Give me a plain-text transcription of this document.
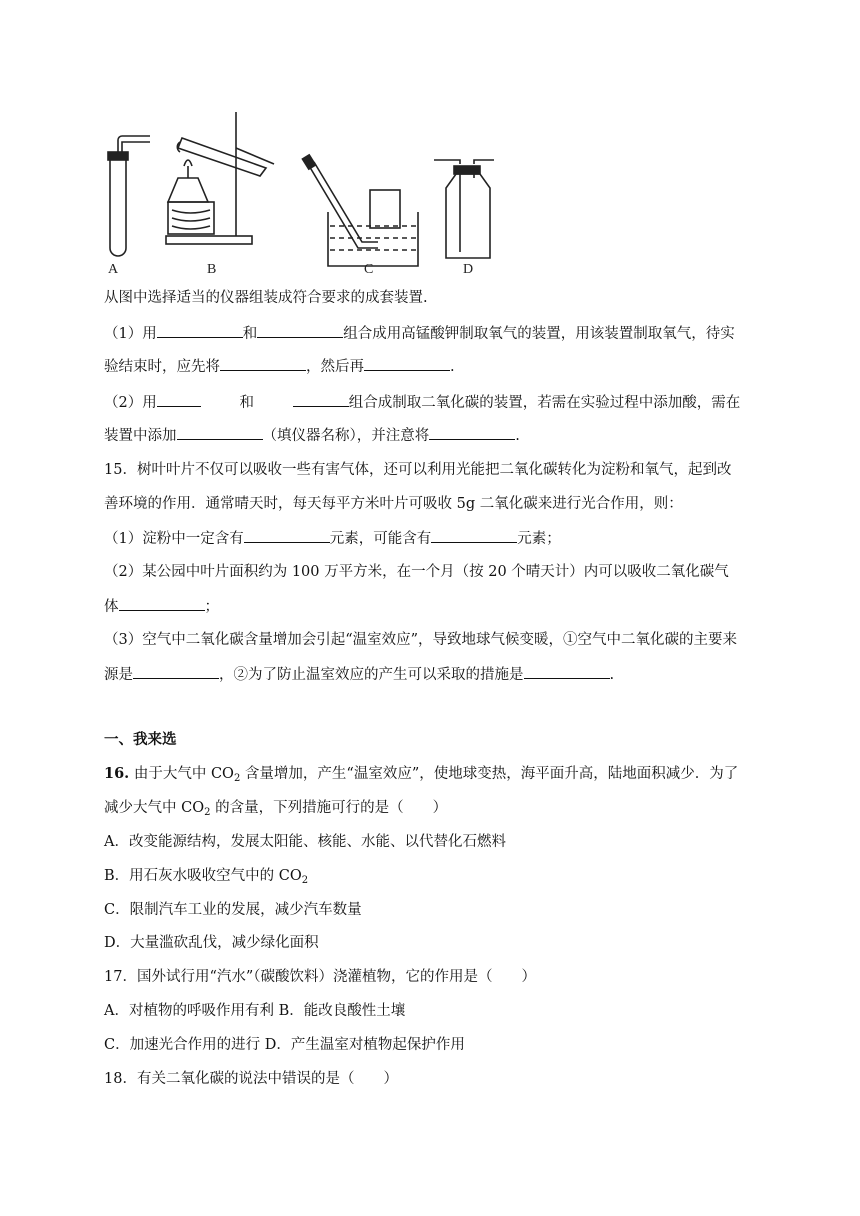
A	B	C	D
从图中选择适当的仪器组装成符合要求的成套装置.
（1）用	和	组合成用高锰酸钾制取氧气的装置，用该装置制取氧气，待实
验结束时，应先将	，然后再	.
（2）用	和	组合成制取二氧化碳的装置，若需在实验过程中添加酸，需在
装置中添加	（填仪器名称），并注意将	.
15．树叶叶片不仅可以吸收一些有害气体，还可以利用光能把二氧化碳转化为淀粉和氧气，起到改
善环境的作用．通常晴天时，每天每平方米叶片可吸收 5g 二氧化碳来进行光合作用，则：
（1）淀粉中一定含有	元素，可能含有	元素；
（2）某公园中叶片面积约为 100 万平方米，在一个月（按 20 个晴天计）内可以吸收二氧化碳气
体	；
（3）空气中二氧化碳含量增加会引起“温室效应”，导致地球气候变暖，①空气中二氧化碳的主要来
源是	，②为了防止温室效应的产生可以采取的措施是	.
一、我来选
16. 由于大气中 $CO_2$ 含量增加，产生“温室效应”，使地球变热，海平面升高，陆地面积减少．为了
减少大气中 $CO_2$ 的含量，下列措施可行的是（　　）
A．改变能源结构，发展太阳能、核能、水能、以代替化石燃料
B．用石灰水吸收空气中的 $CO_2$
C．限制汽车工业的发展，减少汽车数量
D．大量滥砍乱伐，减少绿化面积
17．国外试行用“汽水”（碳酸饮料）浇灌植物，它的作用是（　　）
A．对植物的呼吸作用有利 B．能改良酸性土壤
C．加速光合作用的进行 D．产生温室对植物起保护作用
18．有关二氧化碳的说法中错误的是（　　）
